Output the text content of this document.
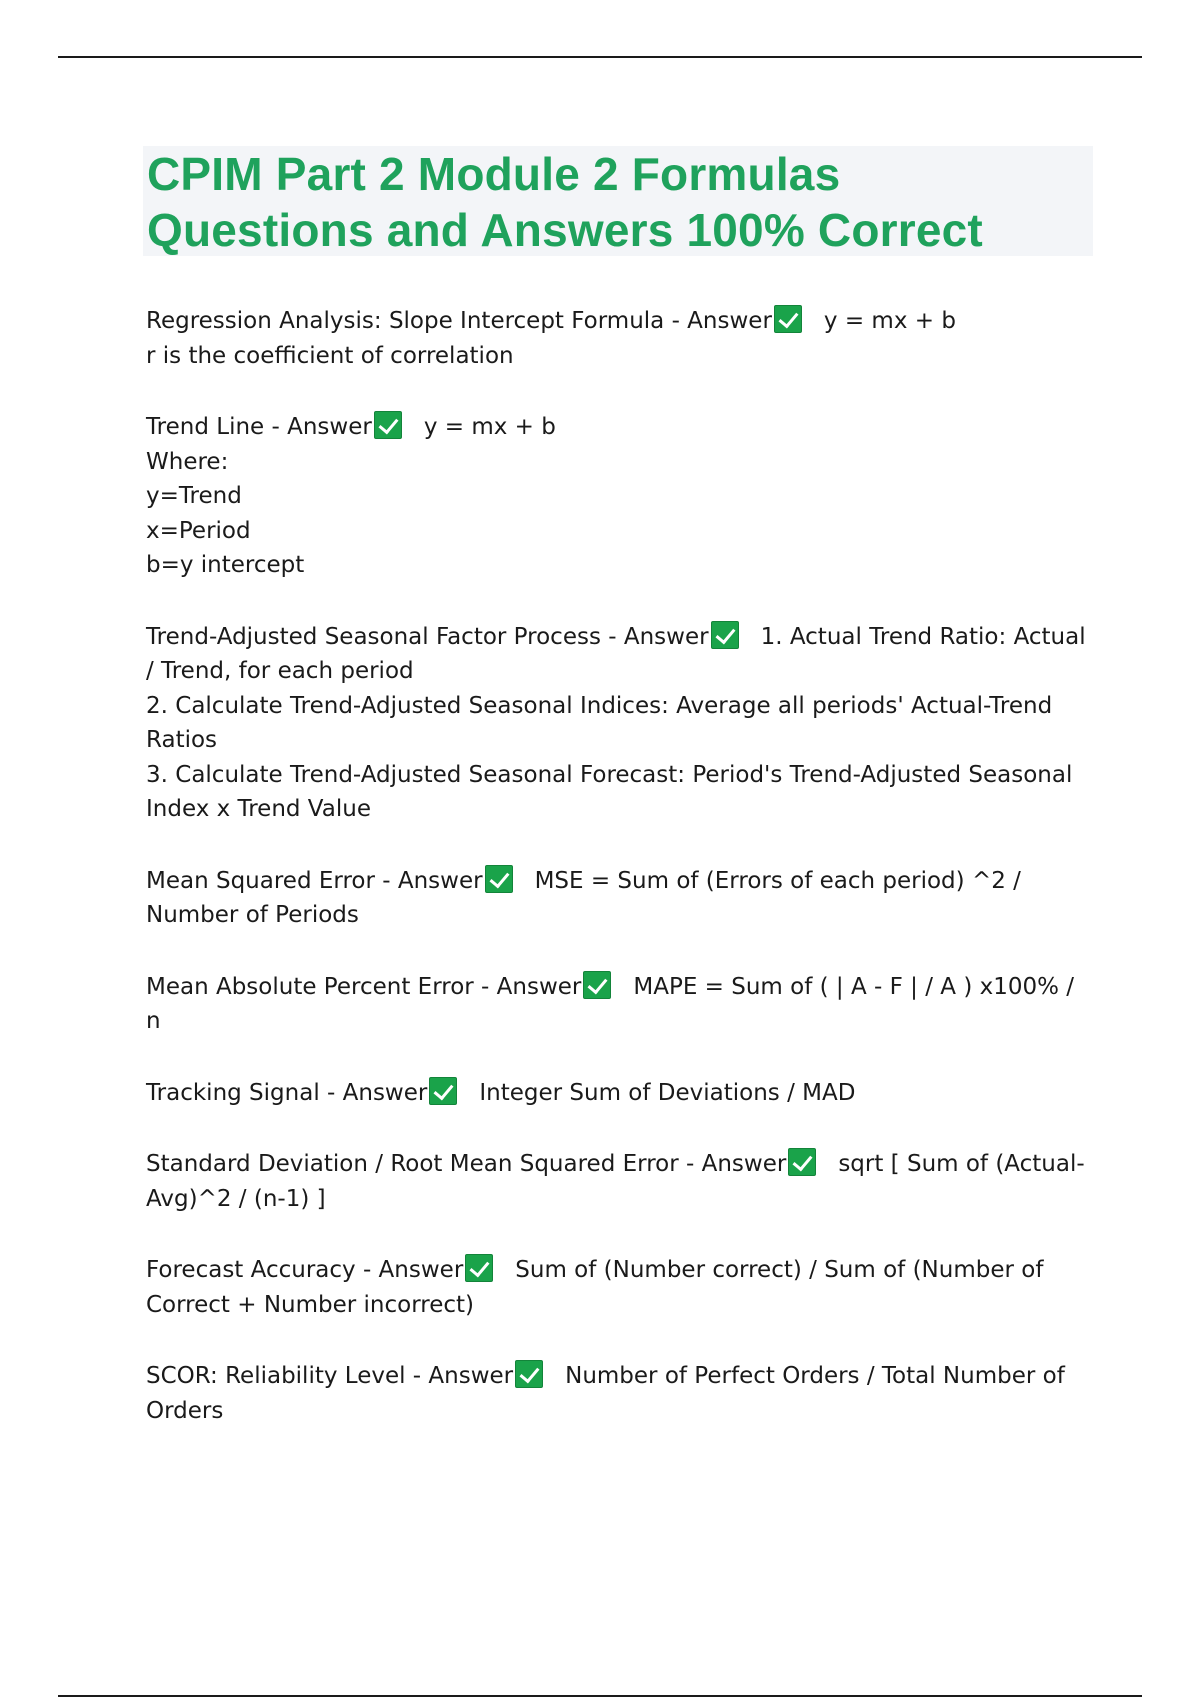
CPIM Part 2 Module 2 Formulas
Questions and Answers 100% Correct

Regression Analysis: Slope Intercept Formula - Answer y = mx + b

r is the coefficient of correlation

Trend Line - Answer y = mx + b

Where:

y=Trend

x=Period

b=y intercept

Trend-Adjusted Seasonal Factor Process - Answer 1. Actual Trend Ratio: Actual

/ Trend, for each period

2. Calculate Trend-Adjusted Seasonal Indices: Average all periods' Actual-Trend

Ratios

3. Calculate Trend-Adjusted Seasonal Forecast: Period's Trend-Adjusted Seasonal

Index x Trend Value

Mean Squared Error - Answer MSE = Sum of (Errors of each period) ^2 /

Number of Periods

Mean Absolute Percent Error - Answer MAPE = Sum of ( | A - F | / A ) x100% /

n

Tracking Signal - Answer Integer Sum of Deviations / MAD

Standard Deviation / Root Mean Squared Error - Answer sqrt [ Sum of (Actual-

Avg)^2 / (n-1) ]

Forecast Accuracy - Answer Sum of (Number correct) / Sum of (Number of

Correct + Number incorrect)

SCOR: Reliability Level - Answer Number of Perfect Orders / Total Number of

Orders
